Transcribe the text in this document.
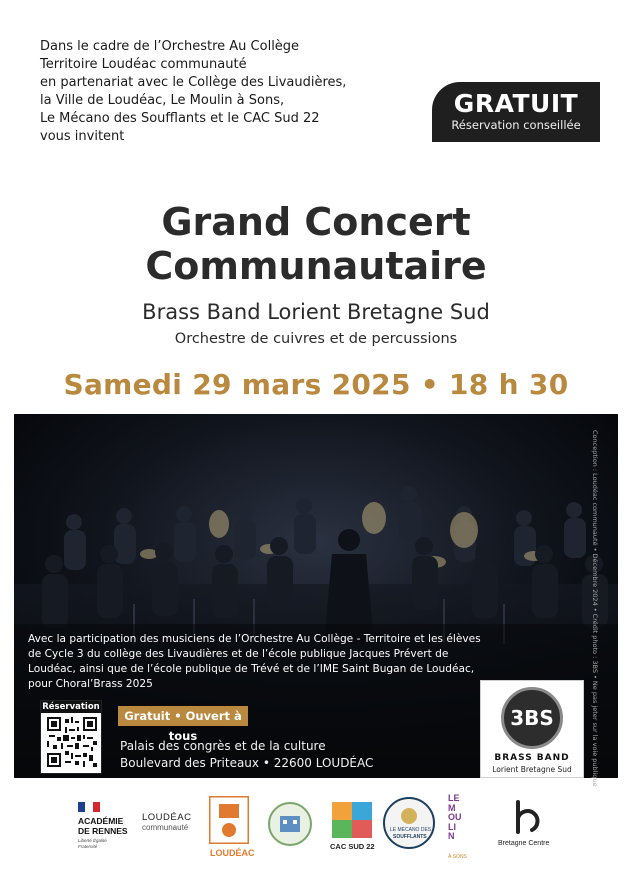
Dans le cadre de l’Orchestre Au Collège
Territoire Loudéac communauté
en partenariat avec le Collège des Livaudières,
la Ville de Loudéac, Le Moulin à Sons,
Le Mécano des Soufflants et le CAC Sud 22
vous invitent
GRATUIT
Réservation conseillée
Grand Concert
Communautaire
Brass Band Lorient Bretagne Sud
Orchestre de cuivres et de percussions
Samedi 29 mars 2025 • 18 h 30
Conception : Loudéac communauté • Décembre 2024 • Crédit photo : 3BS • Ne pas jeter sur la voie publique
Avec la participation des musiciens de l’Orchestre Au Collège - Territoire et les élèves
de Cycle 3 du collège des Livaudières et de l’école publique Jacques Prévert de
Loudéac, ainsi que de l’école publique de Trévé et de l’IME Saint Bugan de Loudéac,
pour Choral’Brass 2025
Réservation
Gratuit • Ouvert à tous
Palais des congrès et de la culture
Boulevard des Priteaux • 22600 LOUDÉAC
3BS
BRASS BAND
Lorient Bretagne Sud
ACADÉMIE
DE RENNES
Liberté Égalité Fraternité
LOUDÉAC
communauté
LOUDÉAC
CAC SUD 22
LE MÉCANO DES
SOUFFLANTS
LE MOULIN
À SONS
Bretagne Centre
